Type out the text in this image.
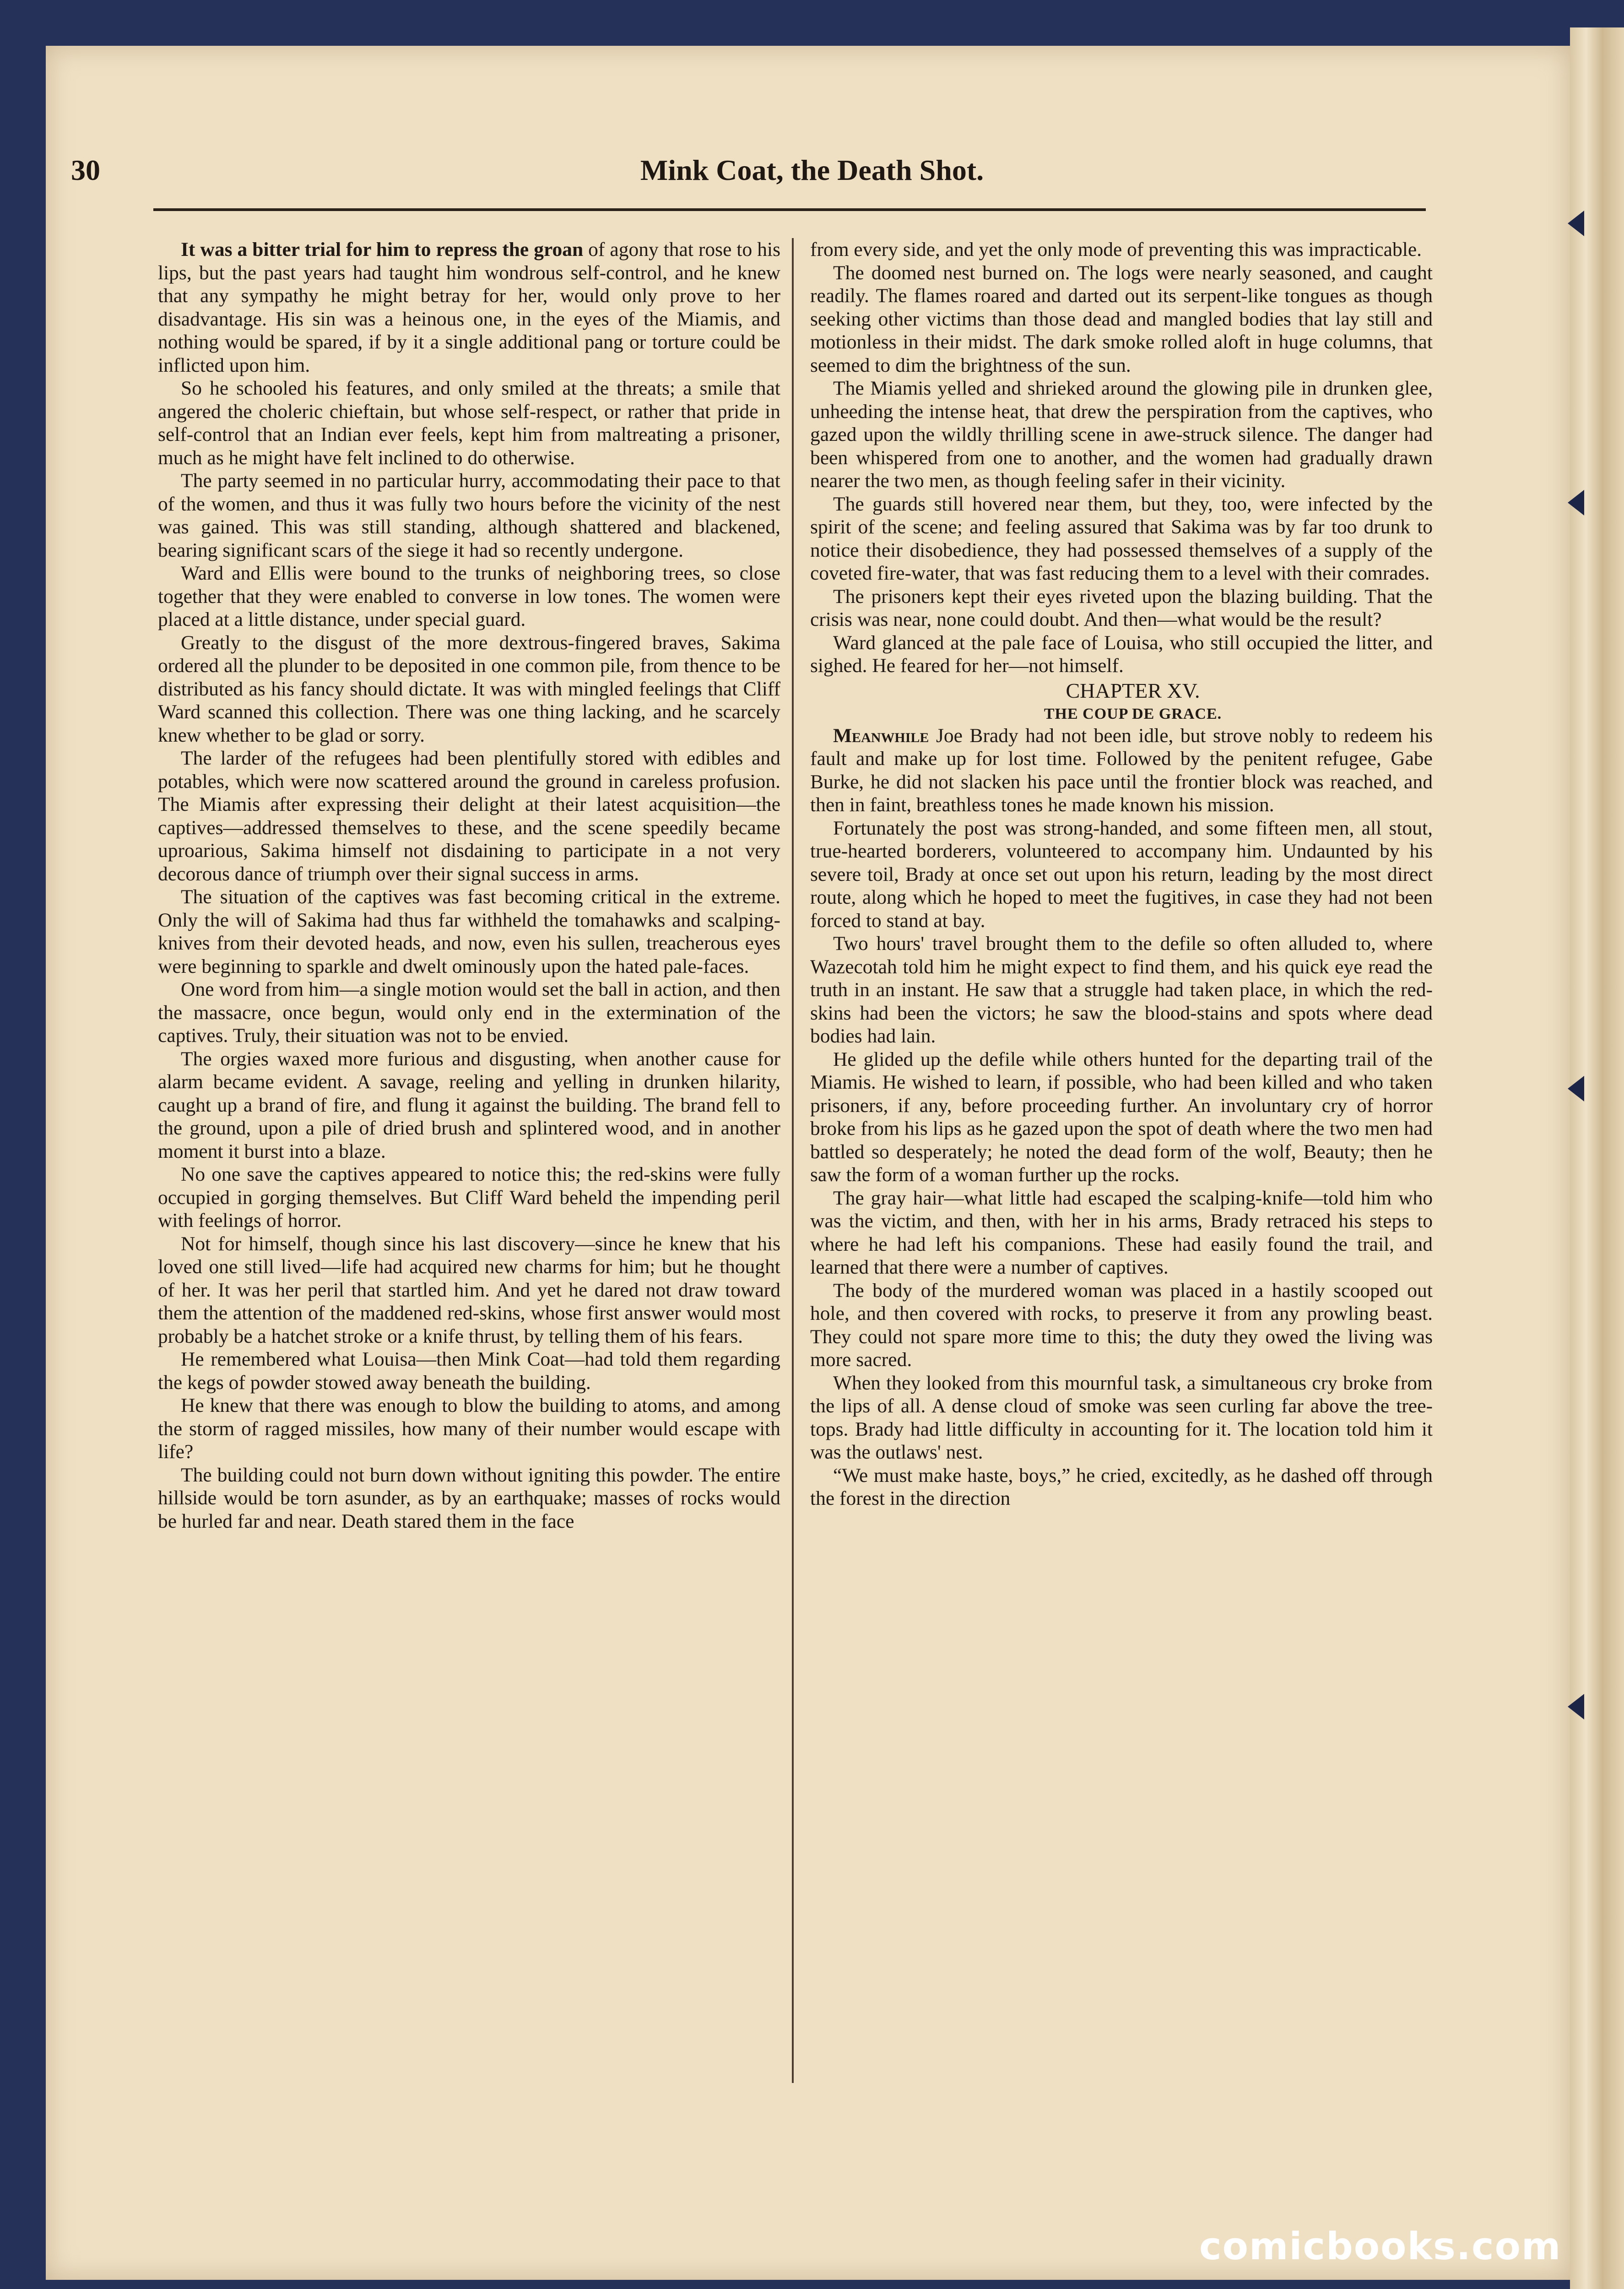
30	Mink Coat, the Death Shot.

It was a bitter trial for him to repress the groan of agony that rose to his lips, but the past years had taught him wondrous self-control, and he knew that any sympathy he might betray for her, would only prove to her disadvantage. His sin was a heinous one, in the eyes of the Miamis, and nothing would be spared, if by it a single additional pang or torture could be inflicted upon him.

So he schooled his features, and only smiled at the threats; a smile that angered the choleric chieftain, but whose self-respect, or rather that pride in self-control that an Indian ever feels, kept him from maltreating a prisoner, much as he might have felt inclined to do otherwise.

The party seemed in no particular hurry, accommodating their pace to that of the women, and thus it was fully two hours before the vicinity of the nest was gained. This was still standing, although shattered and blackened, bearing significant scars of the siege it had so recently undergone.

Ward and Ellis were bound to the trunks of neighboring trees, so close together that they were enabled to converse in low tones. The women were placed at a little distance, under special guard.

Greatly to the disgust of the more dextrous-fingered braves, Sakima ordered all the plunder to be deposited in one common pile, from thence to be distributed as his fancy should dictate. It was with mingled feelings that Cliff Ward scanned this collection. There was one thing lacking, and he scarcely knew whether to be glad or sorry.

The larder of the refugees had been plentifully stored with edibles and potables, which were now scattered around the ground in careless profusion. The Miamis after expressing their delight at their latest acquisition—the captives—addressed themselves to these, and the scene speedily became uproarious, Sakima himself not disdaining to participate in a not very decorous dance of triumph over their signal success in arms.

The situation of the captives was fast becoming critical in the extreme. Only the will of Sakima had thus far withheld the tomahawks and scalping-knives from their devoted heads, and now, even his sullen, treacherous eyes were beginning to sparkle and dwelt ominously upon the hated pale-faces.

One word from him—a single motion would set the ball in action, and then the massacre, once begun, would only end in the extermination of the captives. Truly, their situation was not to be envied.

The orgies waxed more furious and disgusting, when another cause for alarm became evident. A savage, reeling and yelling in drunken hilarity, caught up a brand of fire, and flung it against the building. The brand fell to the ground, upon a pile of dried brush and splintered wood, and in another moment it burst into a blaze.

No one save the captives appeared to notice this; the red-skins were fully occupied in gorging themselves. But Cliff Ward beheld the impending peril with feelings of horror.

Not for himself, though since his last discovery—since he knew that his loved one still lived—life had acquired new charms for him; but he thought of her. It was her peril that startled him. And yet he dared not draw toward them the attention of the maddened red-skins, whose first answer would most probably be a hatchet stroke or a knife thrust, by telling them of his fears.

He remembered what Louisa—then Mink Coat—had told them regarding the kegs of powder stowed away beneath the building.

He knew that there was enough to blow the building to atoms, and among the storm of ragged missiles, how many of their number would escape with life?

The building could not burn down without igniting this powder. The entire hillside would be torn asunder, as by an earthquake; masses of rocks would be hurled far and near. Death stared them in the face

from every side, and yet the only mode of preventing this was impracticable.

The doomed nest burned on. The logs were nearly seasoned, and caught readily. The flames roared and darted out its serpent-like tongues as though seeking other victims than those dead and mangled bodies that lay still and motionless in their midst. The dark smoke rolled aloft in huge columns, that seemed to dim the brightness of the sun.

The Miamis yelled and shrieked around the glowing pile in drunken glee, unheeding the intense heat, that drew the perspiration from the captives, who gazed upon the wildly thrilling scene in awe-struck silence. The danger had been whispered from one to another, and the women had gradually drawn nearer the two men, as though feeling safer in their vicinity.

The guards still hovered near them, but they, too, were infected by the spirit of the scene; and feeling assured that Sakima was by far too drunk to notice their disobedience, they had possessed themselves of a supply of the coveted fire-water, that was fast reducing them to a level with their comrades.

The prisoners kept their eyes riveted upon the blazing building. That the crisis was near, none could doubt. And then—what would be the result?

Ward glanced at the pale face of Louisa, who still occupied the litter, and sighed. He feared for her—not himself.

CHAPTER XV.

THE COUP DE GRACE.

Meanwhile Joe Brady had not been idle, but strove nobly to redeem his fault and make up for lost time. Followed by the penitent refugee, Gabe Burke, he did not slacken his pace until the frontier block was reached, and then in faint, breathless tones he made known his mission.

Fortunately the post was strong-handed, and some fifteen men, all stout, true-hearted borderers, volunteered to accompany him. Undaunted by his severe toil, Brady at once set out upon his return, leading by the most direct route, along which he hoped to meet the fugitives, in case they had not been forced to stand at bay.

Two hours' travel brought them to the defile so often alluded to, where Wazecotah told him he might expect to find them, and his quick eye read the truth in an instant. He saw that a struggle had taken place, in which the red-skins had been the victors; he saw the blood-stains and spots where dead bodies had lain.

He glided up the defile while others hunted for the departing trail of the Miamis. He wished to learn, if possible, who had been killed and who taken prisoners, if any, before proceeding further. An involuntary cry of horror broke from his lips as he gazed upon the spot of death where the two men had battled so desperately; he noted the dead form of the wolf, Beauty; then he saw the form of a woman further up the rocks.

The gray hair—what little had escaped the scalping-knife—told him who was the victim, and then, with her in his arms, Brady retraced his steps to where he had left his companions. These had easily found the trail, and learned that there were a number of captives.

The body of the murdered woman was placed in a hastily scooped out hole, and then covered with rocks, to preserve it from any prowling beast. They could not spare more time to this; the duty they owed the living was more sacred.

When they looked from this mournful task, a simultaneous cry broke from the lips of all. A dense cloud of smoke was seen curling far above the tree-tops. Brady had little difficulty in accounting for it. The location told him it was the outlaws' nest.

“We must make haste, boys,” he cried, excitedly, as he dashed off through the forest in the direction

comicbooks.com
